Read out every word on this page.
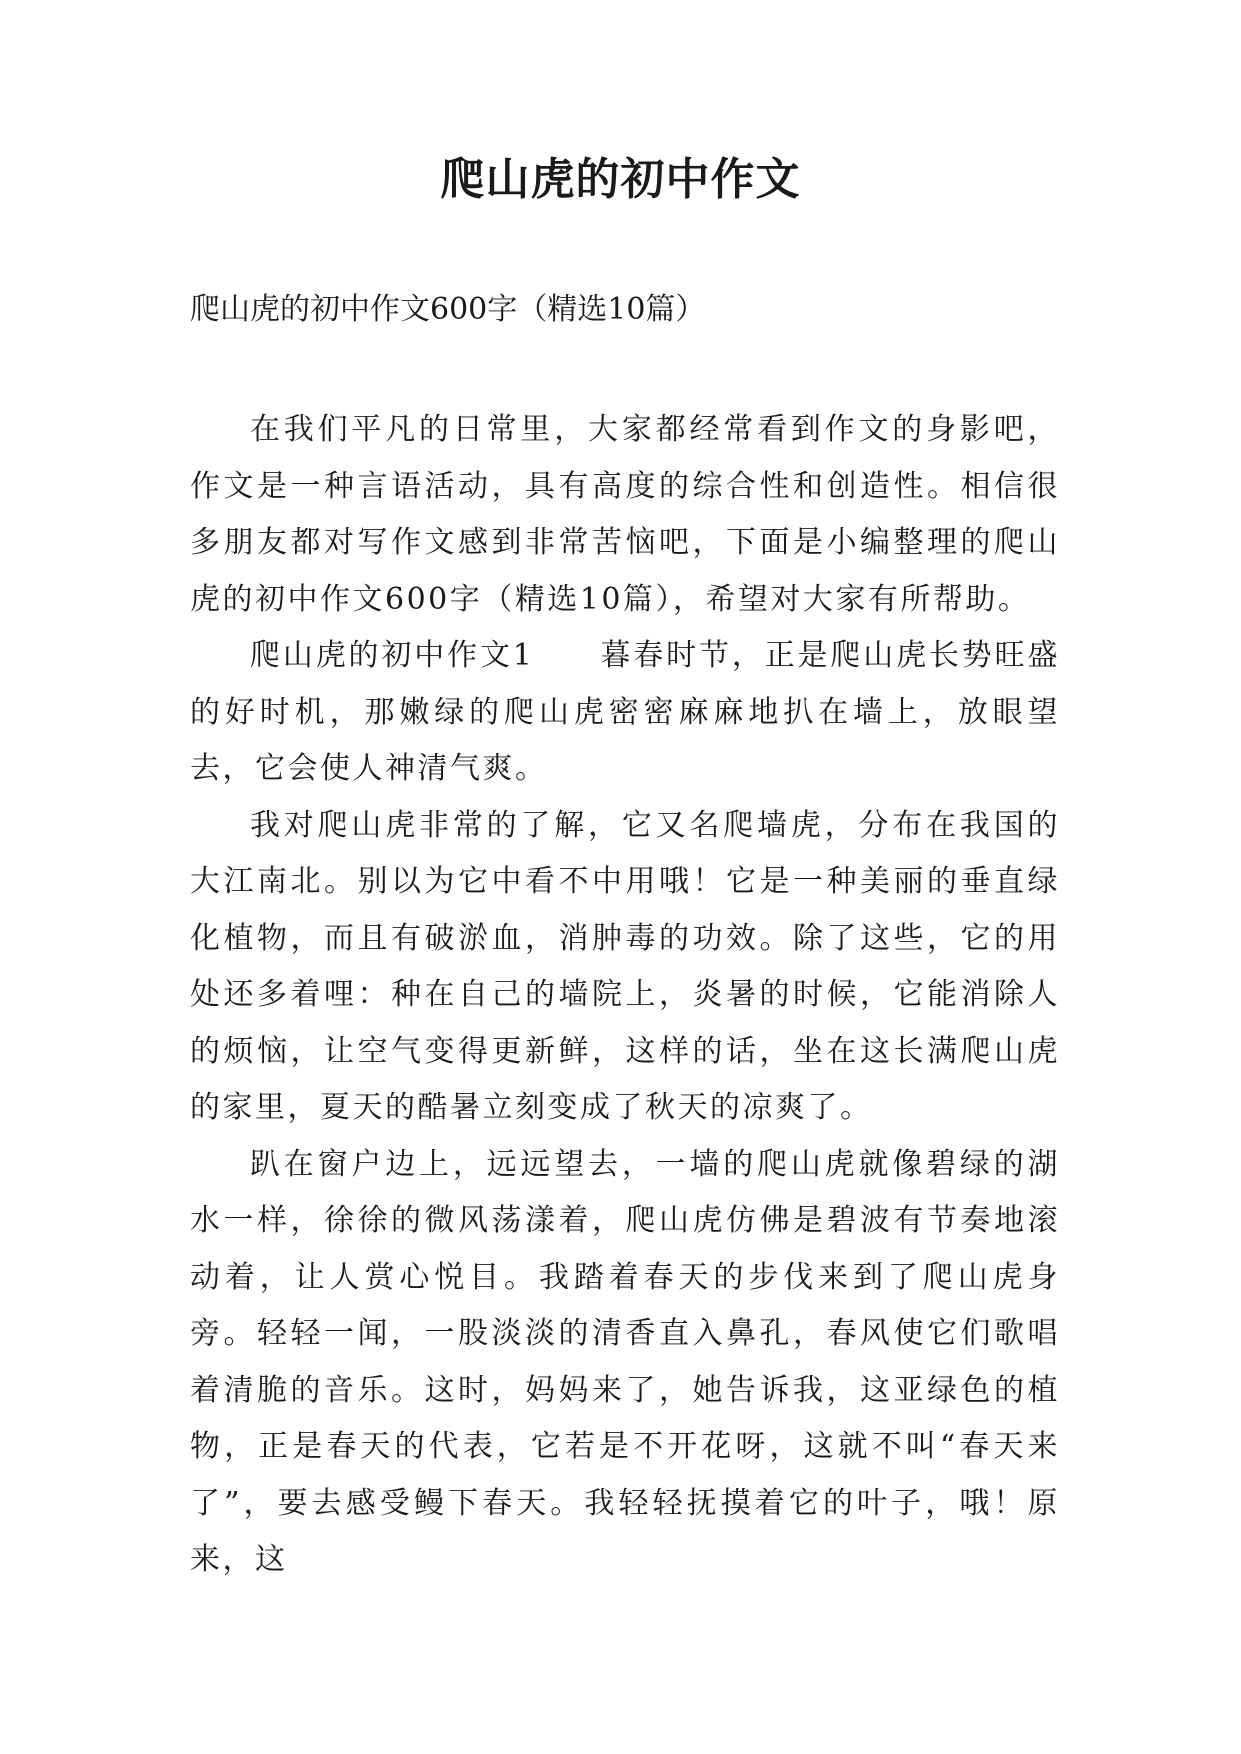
爬山虎的初中作文
爬山虎的初中作文600字（精选10篇）

在我们平凡的日常里，大家都经常看到作文的身影吧，作文是一种言语活动，具有高度的综合性和创造性。相信很多朋友都对写作文感到非常苦恼吧，下面是小编整理的爬山虎的初中作文600字（精选10篇），希望对大家有所帮助。

爬山虎的初中作文1　　暮春时节，正是爬山虎长势旺盛的好时机，那嫩绿的爬山虎密密麻麻地扒在墙上，放眼望去，它会使人神清气爽。

我对爬山虎非常的了解，它又名爬墙虎，分布在我国的大江南北。别以为它中看不中用哦！它是一种美丽的垂直绿化植物，而且有破淤血，消肿毒的功效。除了这些，它的用处还多着哩：种在自己的墙院上，炎暑的时候，它能消除人的烦恼，让空气变得更新鲜，这样的话，坐在这长满爬山虎的家里，夏天的酷暑立刻变成了秋天的凉爽了。

趴在窗户边上，远远望去，一墙的爬山虎就像碧绿的湖水一样，徐徐的微风荡漾着，爬山虎仿佛是碧波有节奏地滚动着，让人赏心悦目。我踏着春天的步伐来到了爬山虎身旁。轻轻一闻，一股淡淡的清香直入鼻孔，春风使它们歌唱着清脆的音乐。这时，妈妈来了，她告诉我，这亚绿色的植物，正是春天的代表，它若是不开花呀，这就不叫“春天来了”，要去感受鳗下春天。我轻轻抚摸着它的叶子，哦！原来，这
